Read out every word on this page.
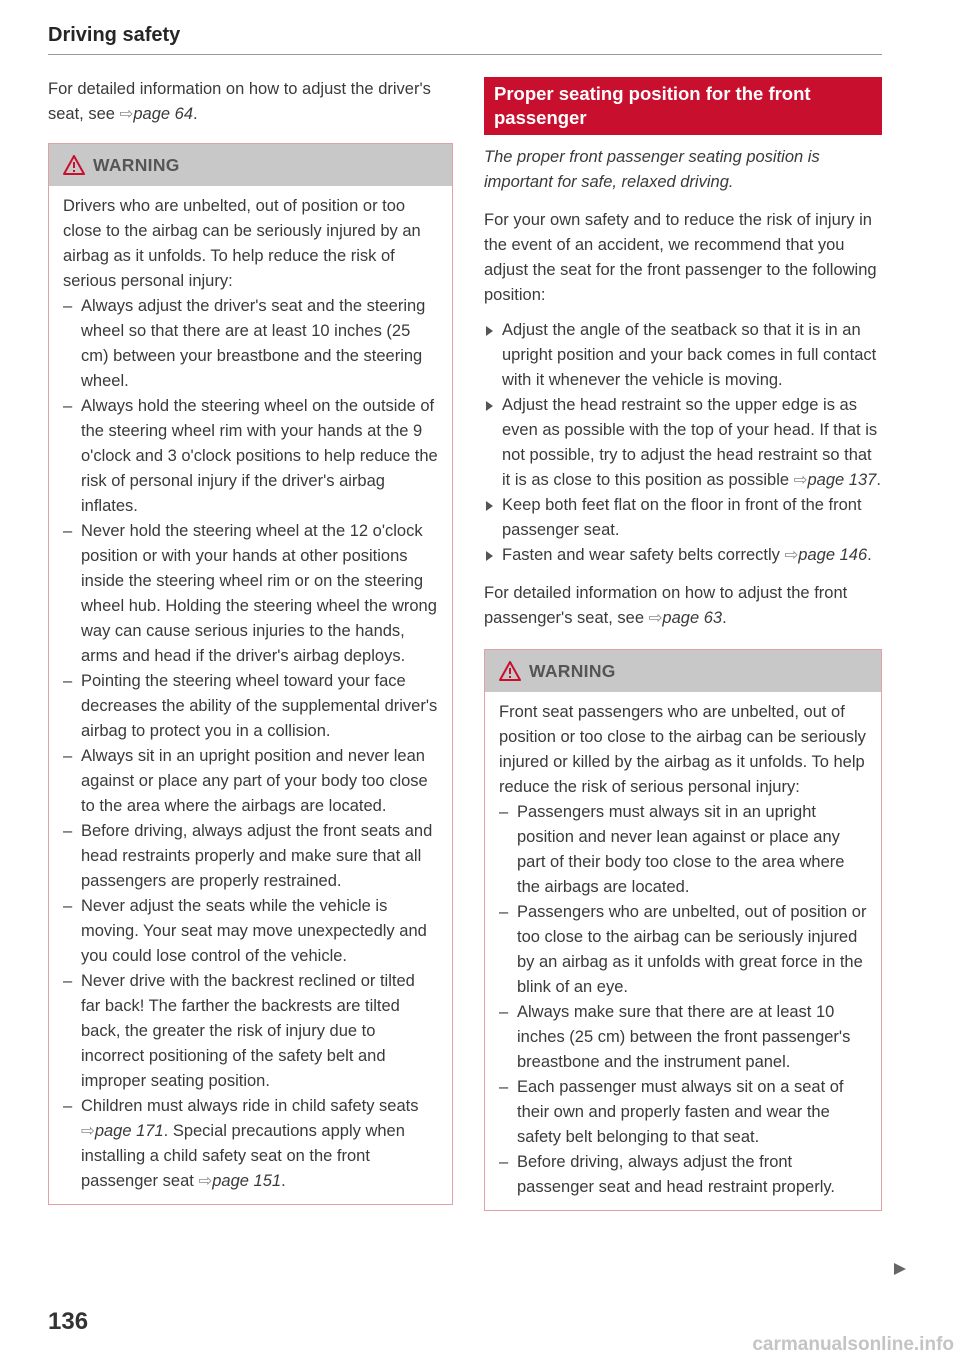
Driving safety

For detailed information on how to adjust the driver's seat, see ⇨page 64.

WARNING

Drivers who are unbelted, out of position or too close to the airbag can be seriously injured by an airbag as it unfolds. To help reduce the risk of serious personal injury:

– Always adjust the driver's seat and the steering wheel so that there are at least 10 inches (25 cm) between your breastbone and the steering wheel.
– Always hold the steering wheel on the outside of the steering wheel rim with your hands at the 9 o'clock and 3 o'clock positions to help reduce the risk of personal injury if the driver's airbag inflates.
– Never hold the steering wheel at the 12 o'clock position or with your hands at other positions inside the steering wheel rim or on the steering wheel hub. Holding the steering wheel the wrong way can cause serious injuries to the hands, arms and head if the driver's airbag deploys.
– Pointing the steering wheel toward your face decreases the ability of the supplemental driver's airbag to protect you in a collision.
– Always sit in an upright position and never lean against or place any part of your body too close to the area where the airbags are located.
– Before driving, always adjust the front seats and head restraints properly and make sure that all passengers are properly restrained.
– Never adjust the seats while the vehicle is moving. Your seat may move unexpectedly and you could lose control of the vehicle.
– Never drive with the backrest reclined or tilted far back! The farther the backrests are tilted back, the greater the risk of injury due to incorrect positioning of the safety belt and improper seating position.
– Children must always ride in child safety seats ⇨page 171. Special precautions apply when installing a child safety seat on the front passenger seat ⇨page 151.
Proper seating position for the front passenger

The proper front passenger seating position is important for safe, relaxed driving.

For your own safety and to reduce the risk of injury in the event of an accident, we recommend that you adjust the seat for the front passenger to the following position:

Adjust the angle of the seatback so that it is in an upright position and your back comes in full contact with it whenever the vehicle is moving.
Adjust the head restraint so the upper edge is as even as possible with the top of your head. If that is not possible, try to adjust the head restraint so that it is as close to this position as possible ⇨page 137.
Keep both feet flat on the floor in front of the front passenger seat.
Fasten and wear safety belts correctly ⇨page 146.

For detailed information on how to adjust the front passenger's seat, see ⇨page 63.

WARNING

Front seat passengers who are unbelted, out of position or too close to the airbag can be seriously injured or killed by the airbag as it unfolds. To help reduce the risk of serious personal injury:

– Passengers must always sit in an upright position and never lean against or place any part of their body too close to the area where the airbags are located.
– Passengers who are unbelted, out of position or too close to the airbag can be seriously injured by an airbag as it unfolds with great force in the blink of an eye.
– Always make sure that there are at least 10 inches (25 cm) between the front passenger's breastbone and the instrument panel.
– Each passenger must always sit on a seat of their own and properly fasten and wear the safety belt belonging to that seat.
– Before driving, always adjust the front passenger seat and head restraint properly.
136
carmanualsonline.info
